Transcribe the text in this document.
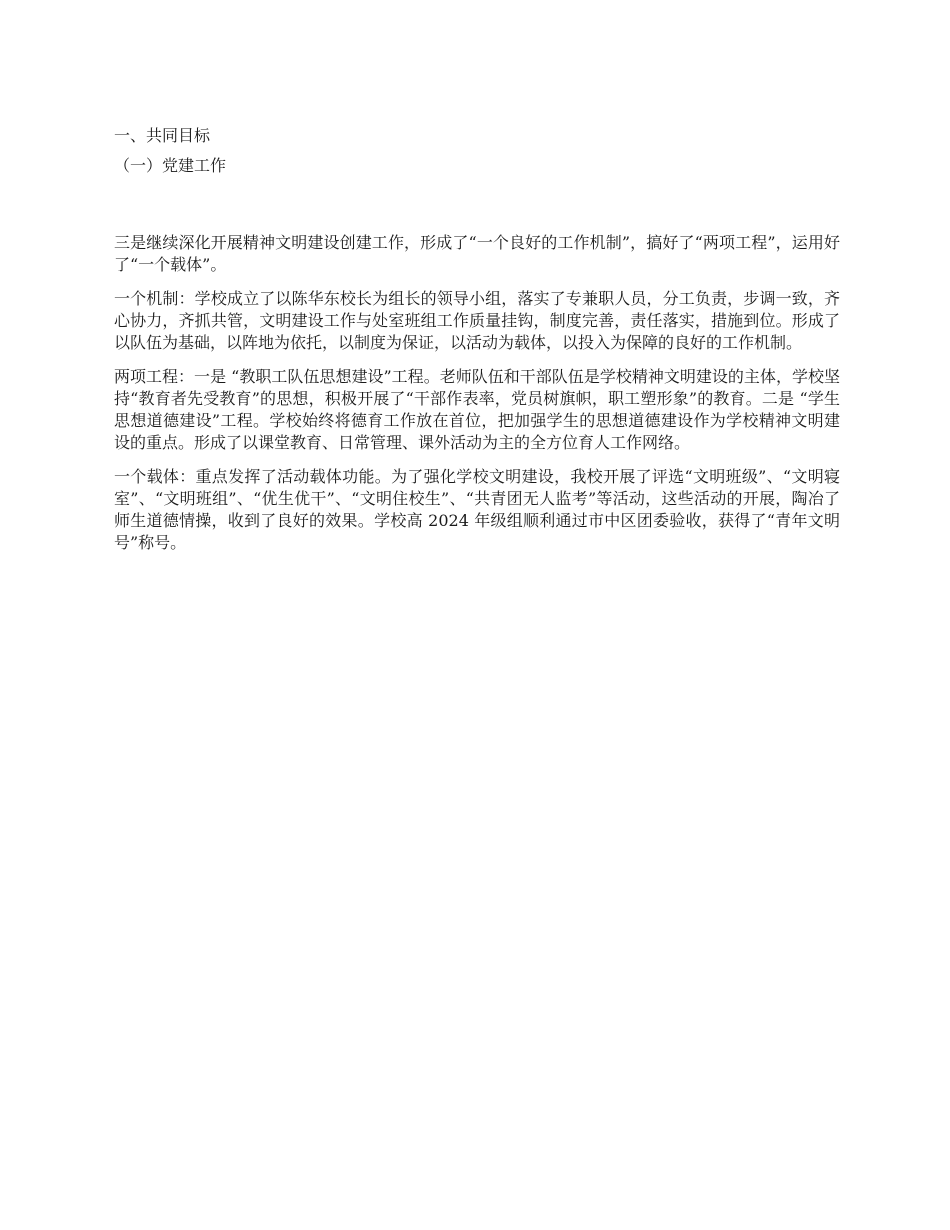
一、共同目标
（一）党建工作

三是继续深化开展精神文明建设创建工作，形成了“一个良好的工作机制”，搞好了“两项工程”，运用好了“一个载体”。

一个机制：学校成立了以陈华东校长为组长的领导小组，落实了专兼职人员，分工负责，步调一致，齐心协力，齐抓共管，文明建设工作与处室班组工作质量挂钩，制度完善，责任落实，措施到位。形成了以队伍为基础，以阵地为依托，以制度为保证，以活动为载体，以投入为保障的良好的工作机制。

两项工程：一是 “教职工队伍思想建设”工程。老师队伍和干部队伍是学校精神文明建设的主体，学校坚持“教育者先受教育”的思想，积极开展了“干部作表率，党员树旗帜，职工塑形象”的教育。二是 “学生思想道德建设”工程。学校始终将德育工作放在首位，把加强学生的思想道德建设作为学校精神文明建设的重点。形成了以课堂教育、日常管理、课外活动为主的全方位育人工作网络。

一个载体：重点发挥了活动载体功能。为了强化学校文明建设，我校开展了评选“文明班级”、“文明寝室”、“文明班组”、“优生优干”、“文明住校生”、“共青团无人监考”等活动，这些活动的开展，陶冶了师生道德情操，收到了良好的效果。学校高 2024 年级组顺利通过市中区团委验收，获得了“青年文明号”称号。
